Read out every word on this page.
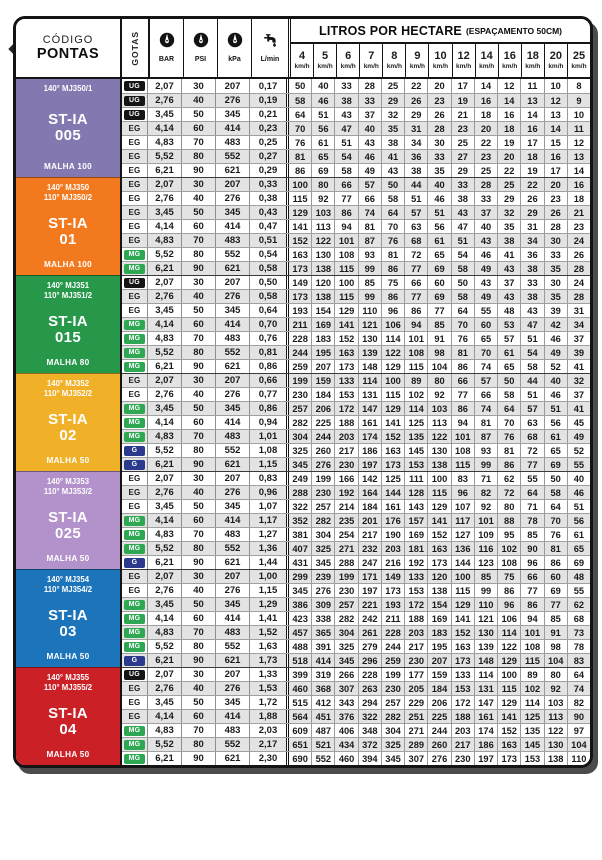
CÓDIGO
PONTAS	GOTAS	BAR	PSI	kPa	L/min
LITROS POR HECTARE (ESPAÇAMENTO 50CM)
4
km/h
5
km/h
6
km/h
7
km/h
8
km/h
9
km/h
10
km/h
12
km/h
14
km/h
16
km/h
18
km/h
20
km/h
25
km/h
140° MJ350/1
ST-IA
005
MALHA 100
140° MJ350
110° MJ350/2
ST-IA
01
MALHA 100
140° MJ351
110° MJ351/2
ST-IA
015
MALHA 80
140° MJ352
110° MJ352/2
ST-IA
02
MALHA 50
140° MJ353
110° MJ353/2
ST-IA
025
MALHA 50
140° MJ354
110° MJ354/2
ST-IA
03
MALHA 50
140° MJ355
110° MJ355/2
ST-IA
04
MALHA 50
UG	2,07	30	207	0,17	50	40	33	28	25	22	20	17	14	12	11	10	8
UG	2,76	40	276	0,19	58	46	38	33	29	26	23	19	16	14	13	12	9
UG	3,45	50	345	0,21	64	51	43	37	32	29	26	21	18	16	14	13	10
EG	4,14	60	414	0,23	70	56	47	40	35	31	28	23	20	18	16	14	11
EG	4,83	70	483	0,25	76	61	51	43	38	34	30	25	22	19	17	15	12
EG	5,52	80	552	0,27	81	65	54	46	41	36	33	27	23	20	18	16	13
EG	6,21	90	621	0,29	86	69	58	49	43	38	35	29	25	22	19	17	14
EG	2,07	30	207	0,33	100	80	66	57	50	44	40	33	28	25	22	20	16
EG	2,76	40	276	0,38	115	92	77	66	58	51	46	38	33	29	26	23	18
EG	3,45	50	345	0,43	129 103	86	74	64	57	51	43	37	32	29	26	21
EG	4,14	60	414	0,47	141 113	94	81	70	63	56	47	40	35	31	28	23
EG	4,83	70	483	0,51	152 122 101	87	76	68	61	51	43	38	34	30	24
MG	5,52	80	552	0,54	163 130 108	93	81	72	65	54	46	41	36	33	26
MG	6,21	90	621	0,58	173 138 115	99	86	77	69	58	49	43	38	35	28
UG	2,07	30	207	0,50	149 120 100	85	75	66	60	50	43	37	33	30	24
EG	2,76	40	276	0,58	173 138 115	99	86	77	69	58	49	43	38	35	28
EG	3,45	50	345	0,64	193 154 129 110	96	86	77	64	55	48	43	39	31
MG	4,14	60	414	0,70	211 169 141 121 106	94	85	70	60	53	47	42	34
MG	4,83	70	483	0,76	228 183 152 130 114 101	91	76	65	57	51	46	37
MG	5,52	80	552	0,81	244 195 163 139 122 108	98	81	70	61	54	49	39
MG	6,21	90	621	0,86	259 207 173 148 129 115 104	86	74	65	58	52	41
EG	2,07	30	207	0,66	199 159 133 114 100	89	80	66	57	50	44	40	32
EG	2,76	40	276	0,77	230 184 153 131 115 102	92	77	66	58	51	46	37
MG	3,45	50	345	0,86	257 206 172 147 129 114 103	86	74	64	57	51	41
MG	4,14	60	414	0,94	282 225 188 161 141 125 113	94	81	70	63	56	45
MG	4,83	70	483	1,01	304 244 203 174 152 135 122 101	87	76	68	61	49
G	5,52	80	552	1,08	325 260 217 186 163 145 130 108	93	81	72	65	52
G	6,21	90	621	1,15	345 276 230 197 173 153 138 115	99	86	77	69	55
EG	2,07	30	207	0,83	249 199 166 142 125 111 100	83	71	62	55	50	40
EG	2,76	40	276	0,96	288 230 192 164 144 128 115	96	82	72	64	58	46
EG	3,45	50	345	1,07	322 257 214 184 161 143 129 107	92	80	71	64	51
MG	4,14	60	414	1,17	352 282 235 201 176 157 141 117 101	88	78	70	56
MG	4,83	70	483	1,27	381 304 254 217 190 169 152 127 109	95	85	76	61
MG	5,52	80	552	1,36	407 325 271 232 203 181 163 136 116 102	90	81	65
G	6,21	90	621	1,44	431 345 288 247 216 192 173 144 123 108	96	86	69
EG	2,07	30	207	1,00	299 239 199 171 149 133 120 100	85	75	66	60	48
EG	2,76	40	276	1,15	345 276 230 197 173 153 138 115	99	86	77	69	55
MG	3,45	50	345	1,29	386 309 257 221 193 172 154 129 110	96	86	77	62
MG	4,14	60	414	1,41	423 338 282 242 211 188 169 141 121 106	94	85	68
MG	4,83	70	483	1,52	457 365 304 261 228 203 183 152 130 114 101	91	73
MG	5,52	80	552	1,63	488 391 325 279 244 217 195 163 139 122 108	98	78
G	6,21	90	621	1,73	518 414 345 296 259 230 207 173 148 129 115 104	83
UG	2,07	30	207	1,33	399 319 266 228 199 177 159 133 114 100	89	80	64
EG	2,76	40	276	1,53	460 368 307 263 230 205 184 153 131 115 102	92	74
EG	3,45	50	345	1,72	515 412 343 294 257 229 206 172 147 129 114 103	82
EG	4,14	60	414	1,88	564 451 376 322 282 251 225 188 161 141 125 113	90
MG	4,83	70	483	2,03	609 487 406 348 304 271 244 203 174 152 135 122	97
MG	5,52	80	552	2,17	651 521 434 372 325 289 260 217 186 163 145 130 104
MG	6,21	90	621	2,30	690 552 460 394 345 307 276 230 197 173 153 138 110
